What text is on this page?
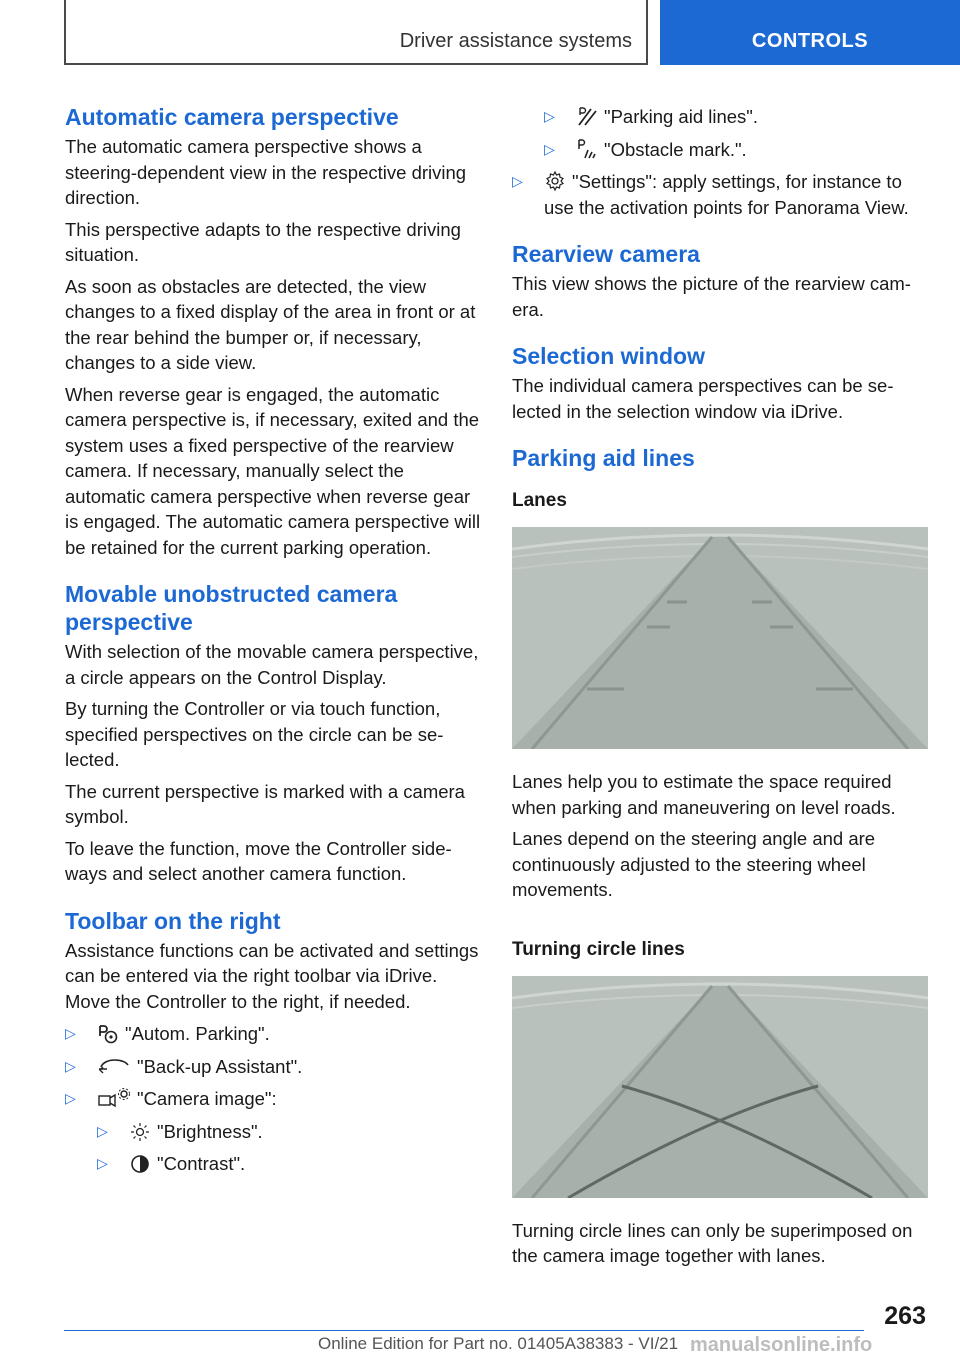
Driver assistance systems	CONTROLS
Automatic camera perspective

The automatic camera perspective shows a steering-dependent view in the respective driving direction.

This perspective adapts to the respective driving situation.

As soon as obstacles are detected, the view changes to a fixed display of the area in front or at the rear behind the bumper or, if necessary, changes to a side view.

When reverse gear is engaged, the automatic camera perspective is, if necessary, exited and the system uses a fixed perspective of the rearview camera. If necessary, manually select the automatic camera perspective when reverse gear is engaged. The automatic camera perspective will be retained for the current parking operation.

Movable unobstructed camera perspective

With selection of the movable camera perspective, a circle appears on the Control Display.

By turning the Controller or via touch function, specified perspectives on the circle can be selected.

The current perspective is marked with a camera symbol.

To leave the function, move the Controller sideways and select another camera function.

Toolbar on the right

Assistance functions can be activated and settings can be entered via the right toolbar via iDrive. Move the Controller to the right, if needed.

▷	"Autom. Parking".
▷	"Back-up Assistant".
▷	"Camera image":
▷	"Brightness".
▷	"Contrast".
▷	"Parking aid lines".
▷	"Obstacle mark.".
▷	"Settings": apply settings, for instance to use the activation points for Panorama View.
Rearview camera

This view shows the picture of the rearview camera.

Selection window

The individual camera perspectives can be selected in the selection window via iDrive.

Parking aid lines
Lanes

Lanes help you to estimate the space required when parking and maneuvering on level roads.

Lanes depend on the steering angle and are continuously adjusted to the steering wheel movements.

Turning circle lines

Turning circle lines can only be superimposed on the camera image together with lanes.

263
Online Edition for Part no. 01405A38383 - VI/21 manualsonline.info
